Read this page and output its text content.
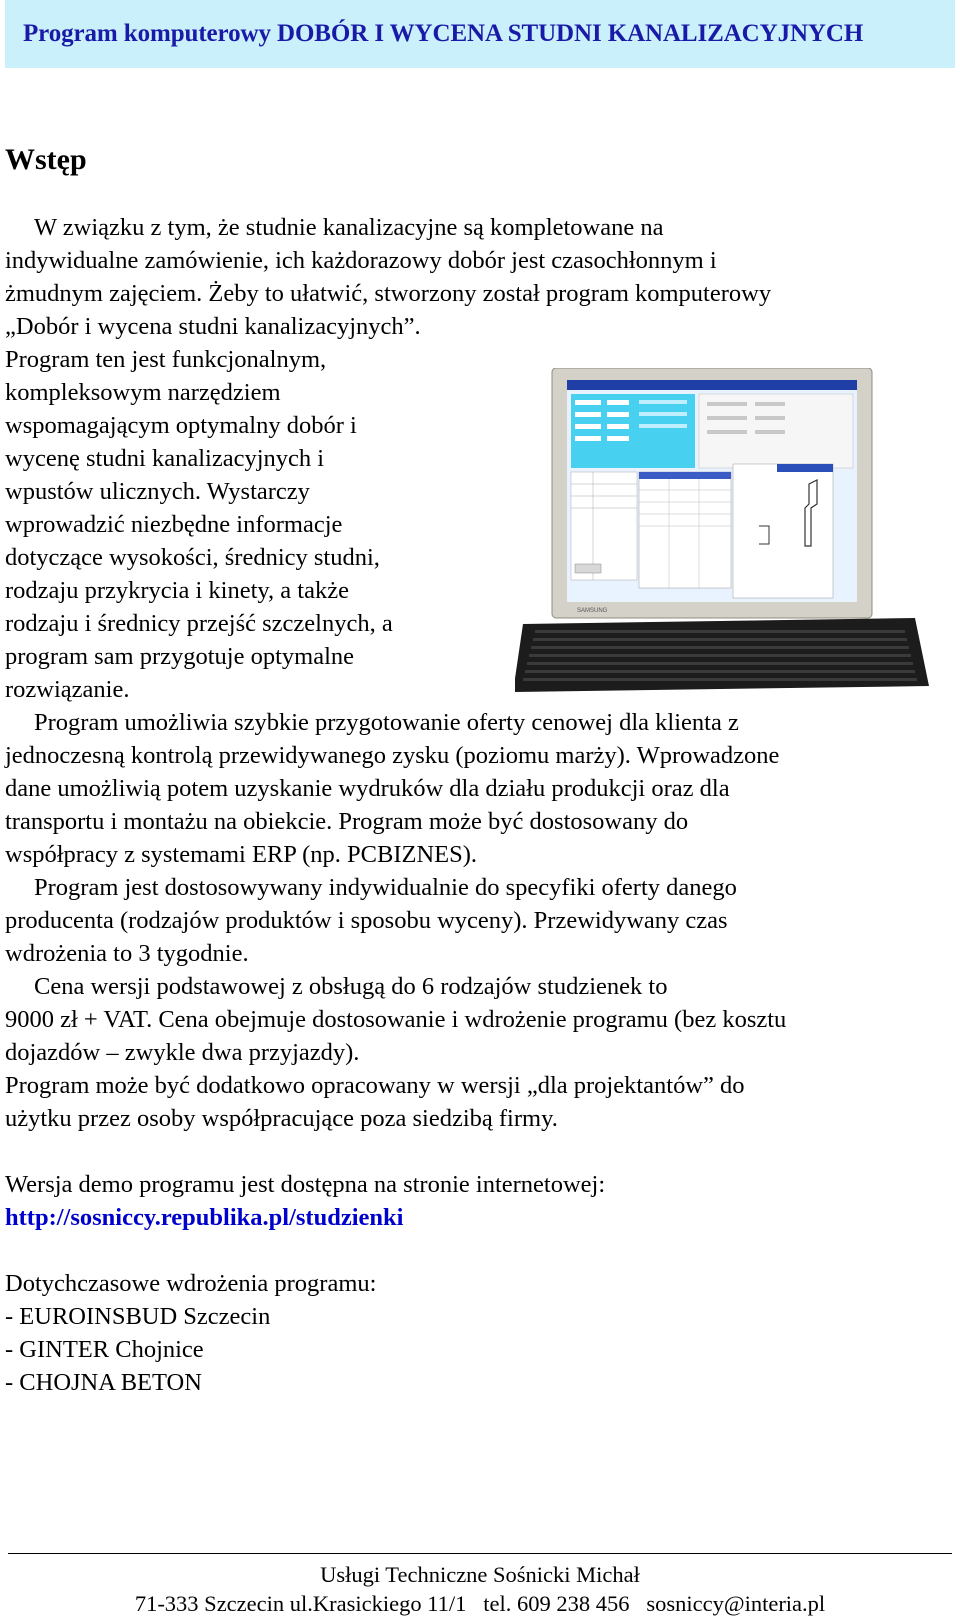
Program komputerowy DOBÓR I WYCENA STUDNI KANALIZACYJNYCH
Wstęp
W związku z tym, że studnie kanalizacyjne są kompletowane na
indywidualne zamówienie, ich każdorazowy dobór jest czasochłonnym i
żmudnym zajęciem. Żeby to ułatwić, stworzony został program komputerowy
„Dobór i wycena studni kanalizacyjnych”.
Program ten jest funkcjonalnym,
kompleksowym narzędziem
wspomagającym optymalny dobór i
wycenę studni kanalizacyjnych i
wpustów ulicznych. Wystarczy
wprowadzić niezbędne informacje
dotyczące wysokości, średnicy studni,
rodzaju przykrycia i kinety, a także
rodzaju i średnicy przejść szczelnych, a
program sam przygotuje optymalne
rozwiązanie.
Program umożliwia szybkie przygotowanie oferty cenowej dla klienta z
jednoczesną kontrolą przewidywanego zysku (poziomu marży). Wprowadzone
dane umożliwią potem uzyskanie wydruków dla działu produkcji oraz dla
transportu i montażu na obiekcie. Program może być dostosowany do
współpracy z systemami ERP (np. PCBIZNES).
Program jest dostosowywany indywidualnie do specyfiki oferty danego
producenta (rodzajów produktów i sposobu wyceny). Przewidywany czas
wdrożenia to 3 tygodnie.
Cena wersji podstawowej z obsługą do 6 rodzajów studzienek to
9000 zł + VAT. Cena obejmuje dostosowanie i wdrożenie programu (bez kosztu
dojazdów – zwykle dwa przyjazdy).
Program może być dodatkowo opracowany w wersji „dla projektantów” do
użytku przez osoby współpracujące poza siedzibą firmy.
Wersja demo programu jest dostępna na stronie internetowej:
http://sosniccy.republika.pl/studzienki
Dotychczasowe wdrożenia programu:
- EUROINSBUD Szczecin
- GINTER Chojnice
- CHOJNA BETON
SAMSUNG
Usługi Techniczne Sośnicki Michał
71-333 Szczecin ul.Krasickiego 11/1   tel. 609 238 456   sosniccy@interia.pl
